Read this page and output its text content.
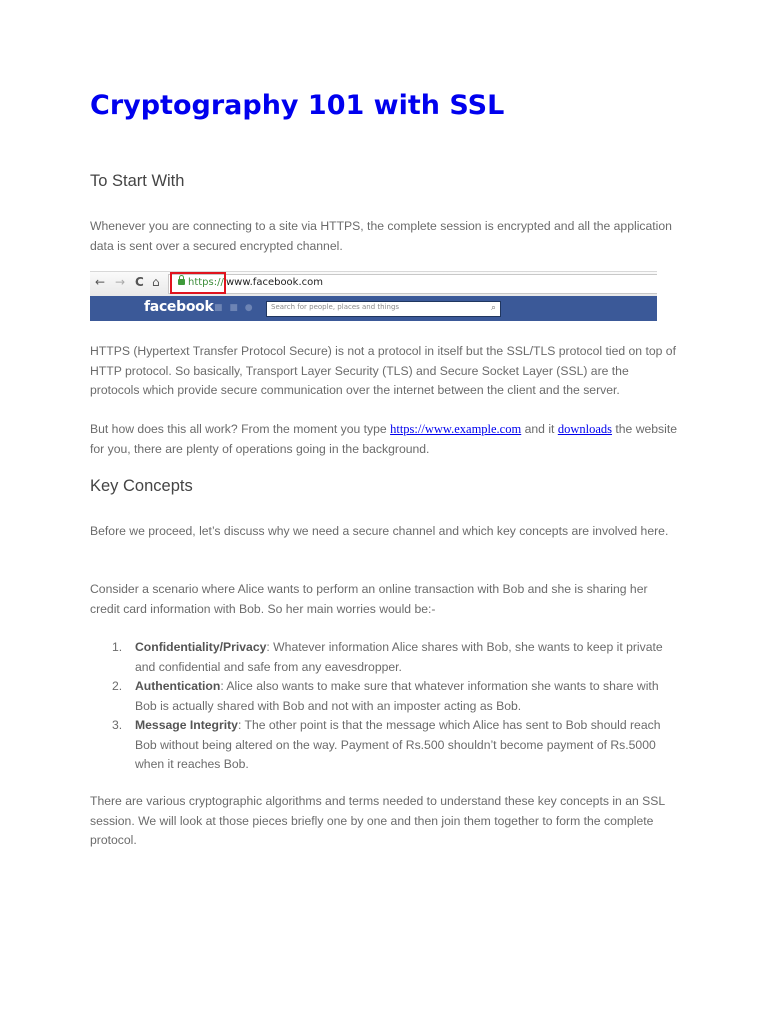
Cryptography 101 with SSL
To Start With

Whenever you are connecting to a site via HTTPS, the complete session is encrypted and all the application data is sent over a secured encrypted channel.

← → C ⌂	https:// www.facebook.com
facebook ■ ■ ● Search for people, places and things	⌕

HTTPS (Hypertext Transfer Protocol Secure) is not a protocol in itself but the SSL/TLS protocol tied on top of HTTP protocol. So basically, Transport Layer Security (TLS) and Secure Socket Layer (SSL) are the protocols which provide secure communication over the internet between the client and the server.

But how does this all work? From the moment you type https://www.example.com and it downloads the website for you, there are plenty of operations going in the background.

Key Concepts

Before we proceed, let’s discuss why we need a secure channel and which key concepts are involved here.

Consider a scenario where Alice wants to perform an online transaction with Bob and she is sharing her credit card information with Bob. So her main worries would be:-

1. Confidentiality/Privacy: Whatever information Alice shares with Bob, she wants to keep it private and confidential and safe from any eavesdropper.
2. Authentication: Alice also wants to make sure that whatever information she wants to share with Bob is actually shared with Bob and not with an imposter acting as Bob.
3. Message Integrity: The other point is that the message which Alice has sent to Bob should reach Bob without being altered on the way. Payment of Rs.500 shouldn’t become payment of Rs.5000 when it reaches Bob.

There are various cryptographic algorithms and terms needed to understand these key concepts in an SSL session. We will look at those pieces briefly one by one and then join them together to form the complete protocol.
